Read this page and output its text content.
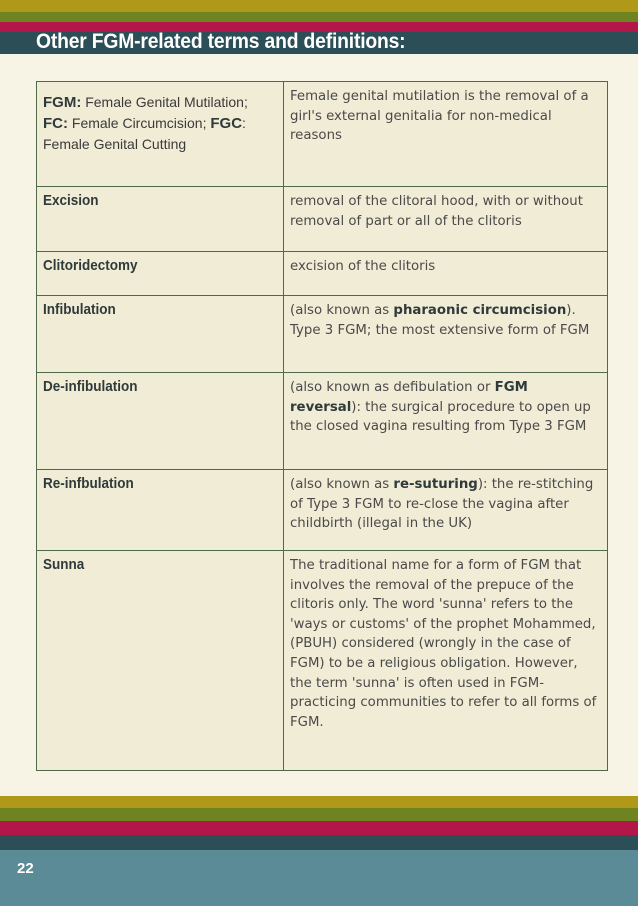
Other FGM-related terms and definitions:
FGM: Female Genital Mutilation;
FC: Female Circumcision; FGC:
Female Genital Cutting	Female genital mutilation is the removal of a girl's external genitalia for non-medical reasons

Excision	removal of the clitoral hood, with or without removal of part or all of the clitoris

Clitoridectomy	excision of the clitoris

Infibulation	(also known as pharaonic circumcision). Type 3 FGM; the most extensive form of FGM

De-infibulation	(also known as defibulation or FGM reversal): the surgical procedure to open up the closed vagina resulting from Type 3 FGM

Re-infbulation	(also known as re-suturing): the re-stitching of Type 3 FGM to re-close the vagina after childbirth (illegal in the UK)

Sunna	The traditional name for a form of FGM that involves the removal of the prepuce of the clitoris only. The word 'sunna' refers to the 'ways or customs' of the prophet Mohammed, (PBUH) considered (wrongly in the case of FGM) to be a religious obligation. However, the term 'sunna' is often used in FGM-practicing communities to refer to all forms of FGM.
22
